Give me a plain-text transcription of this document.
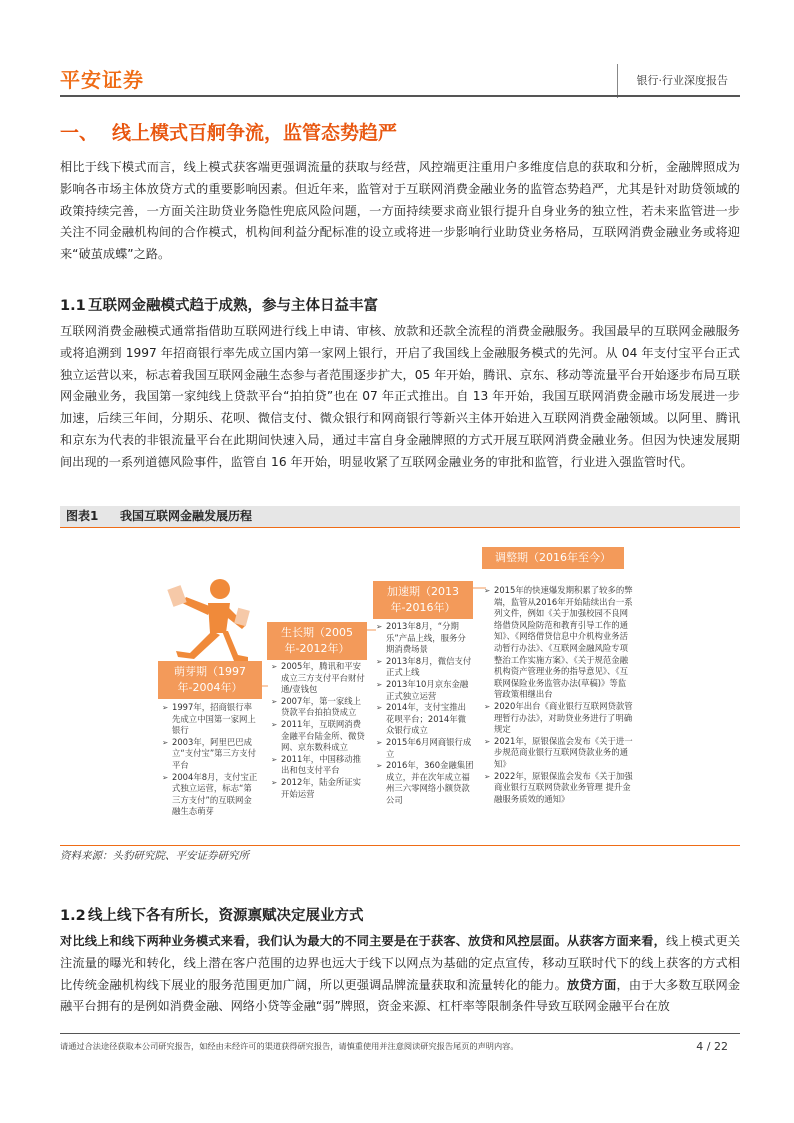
平安证券	银行·行业深度报告
一、 线上模式百舸争流，监管态势趋严
相比于线下模式而言，线上模式获客端更强调流量的获取与经营，风控端更注重用户多维度信息的获取和分析，金融牌照成为影响各市场主体放贷方式的重要影响因素。但近年来，监管对于互联网消费金融业务的监管态势趋严，尤其是针对助贷领域的政策持续完善，一方面关注助贷业务隐性兜底风险问题，一方面持续要求商业银行提升自身业务的独立性，若未来监管进一步关注不同金融机构间的合作模式，机构间利益分配标准的设立或将进一步影响行业助贷业务格局，互联网消费金融业务或将迎来“破茧成蝶”之路。
1.1 互联网金融模式趋于成熟，参与主体日益丰富
互联网消费金融模式通常指借助互联网进行线上申请、审核、放款和还款全流程的消费金融服务。我国最早的互联网金融服务或将追溯到 1997 年招商银行率先成立国内第一家网上银行，开启了我国线上金融服务模式的先河。从 04 年支付宝平台正式独立运营以来，标志着我国互联网金融生态参与者范围逐步扩大，05 年开始，腾讯、京东、移动等流量平台开始逐步布局互联网金融业务，我国第一家纯线上贷款平台“拍拍贷”也在 07 年正式推出。自 13 年开始，我国互联网消费金融市场发展进一步加速，后续三年间，分期乐、花呗、微信支付、微众银行和网商银行等新兴主体开始进入互联网消费金融领域。以阿里、腾讯和京东为代表的非银流量平台在此期间快速入局，通过丰富自身金融牌照的方式开展互联网消费金融业务。但因为快速发展期间出现的一系列道德风险事件，监管自 16 年开始，明显收紧了互联网金融业务的审批和监管，行业进入强监管时代。
图表1 我国互联网金融发展历程
萌芽期（1997年-2004年）
➢ 1997年，招商银行率先成立中国第一家网上银行
➢ 2003年，阿里巴巴成立“支付宝”第三方支付平台
➢ 2004年8月，支付宝正式独立运营，标志“第三方支付”的互联网金融生态萌芽
生长期（2005年-2012年）
➢ 2005年，腾讯和平安成立三方支付平台财付通/壹钱包
➢ 2007年，第一家线上贷款平台拍拍贷成立
➢ 2011年，互联网消费金融平台陆金所、微贷网、京东数科成立
➢ 2011年，中国移动推出和包支付平台
➢ 2012年，陆金所证实开始运营
加速期（2013年-2016年）
➢ 2013年8月，“分期乐”产品上线，服务分期消费场景
➢ 2013年8月，微信支付正式上线
➢ 2013年10月京东金融正式独立运营
➢ 2014年，支付宝推出花呗平台；2014年微众银行成立
➢ 2015年6月网商银行成立
➢ 2016年，360金融集团成立，并在次年成立福州三六零网络小额贷款公司
调整期（2016年至今）
➢ 2015年的快速爆发期积累了较多的弊端，监管从2016年开始陆续出台一系列文件，例如《关于加强校园不良网络借贷风险防范和教育引导工作的通知》、《网络借贷信息中介机构业务活动暂行办法》、《互联网金融风险专项整治工作实施方案》、《关于规范金融机构资产管理业务的指导意见》、《互联网保险业务监管办法(草稿)》等监管政策相继出台
➢ 2020年出台《商业银行互联网贷款管理暂行办法》，对助贷业务进行了明确规定
➢ 2021年，原银保监会发布《关于进一步规范商业银行互联网贷款业务的通知》
➢ 2022年，原银保监会发布《关于加强商业银行互联网贷款业务管理 提升金融服务质效的通知》
资料来源：头豹研究院、平安证券研究所
1.2 线上线下各有所长，资源禀赋决定展业方式
对比线上和线下两种业务模式来看，我们认为最大的不同主要是在于获客、放贷和风控层面。从获客方面来看，线上模式更关注流量的曝光和转化，线上潜在客户范围的边界也远大于线下以网点为基础的定点宣传，移动互联时代下的线上获客的方式相比传统金融机构线下展业的服务范围更加广阔，所以更强调品牌流量获取和流量转化的能力。放贷方面，由于大多数互联网金融平台拥有的是例如消费金融、网络小贷等金融“弱”牌照，资金来源、杠杆率等限制条件导致互联网金融平台在放
请通过合法途径获取本公司研究报告，如经由未经许可的渠道获得研究报告，请慎重使用并注意阅读研究报告尾页的声明内容。	4 / 22
